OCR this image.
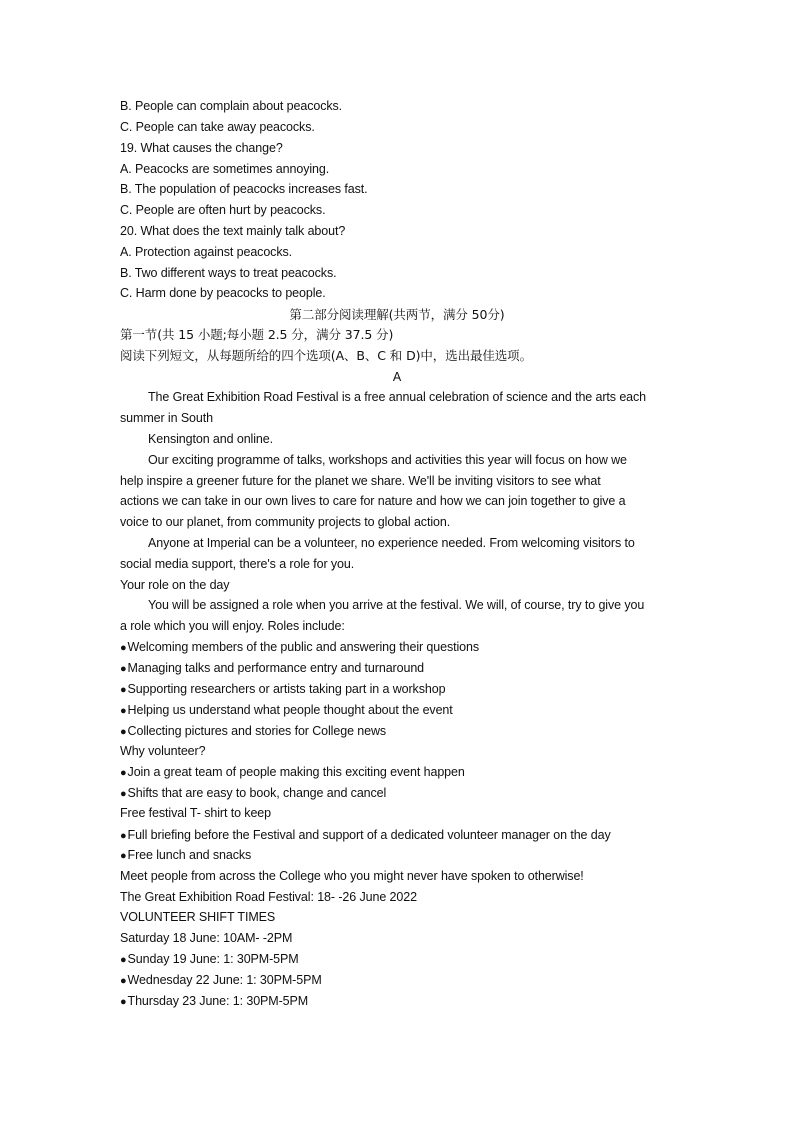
B. People can complain about peacocks.
C. People can take away peacocks.
19. What causes the change?
A. Peacocks are sometimes annoying.
B. The population of peacocks increases fast.
C. People are often hurt by peacocks.
20. What does the text mainly talk about?
A. Protection against peacocks.
B. Two different ways to treat peacocks.
C. Harm done by peacocks to people.
第二部分阅读理解(共两节，满分 50分)
第一节(共 15 小题;每小题 2.5 分，满分 37.5 分)
阅读下列短文，从每题所给的四个选项(A、B、C 和 D)中，选出最佳选项。
A
The Great Exhibition Road Festival is a free annual celebration of science and the arts each
summer in South
Kensington and online.
Our exciting programme of talks, workshops and activities this year will focus on how we
help inspire a greener future for the planet we share. We'll be inviting visitors to see what
actions we can take in our own lives to care for nature and how we can join together to give a
voice to our planet, from community projects to global action.
Anyone at Imperial can be a volunteer, no experience needed. From welcoming visitors to
social media support, there's a role for you.
Your role on the day
You will be assigned a role when you arrive at the festival. We will, of course, try to give you
a role which you will enjoy. Roles include:
● Welcoming members of the public and answering their questions
● Managing talks and performance entry and turnaround
● Supporting researchers or artists taking part in a workshop
● Helping us understand what people thought about the event
● Collecting pictures and stories for College news
Why volunteer?
● Join a great team of people making this exciting event happen
● Shifts that are easy to book, change and cancel
Free festival T- shirt to keep
● Full briefing before the Festival and support of a dedicated volunteer manager on the day
● Free lunch and snacks
Meet people from across the College who you might never have spoken to otherwise!
The Great Exhibition Road Festival: 18- -26 June 2022
VOLUNTEER SHIFT TIMES
Saturday 18 June: 10AM- -2PM
● Sunday 19 June: 1: 30PM-5PM
● Wednesday 22 June: 1: 30PM-5PM
● Thursday 23 June: 1: 30PM-5PM
